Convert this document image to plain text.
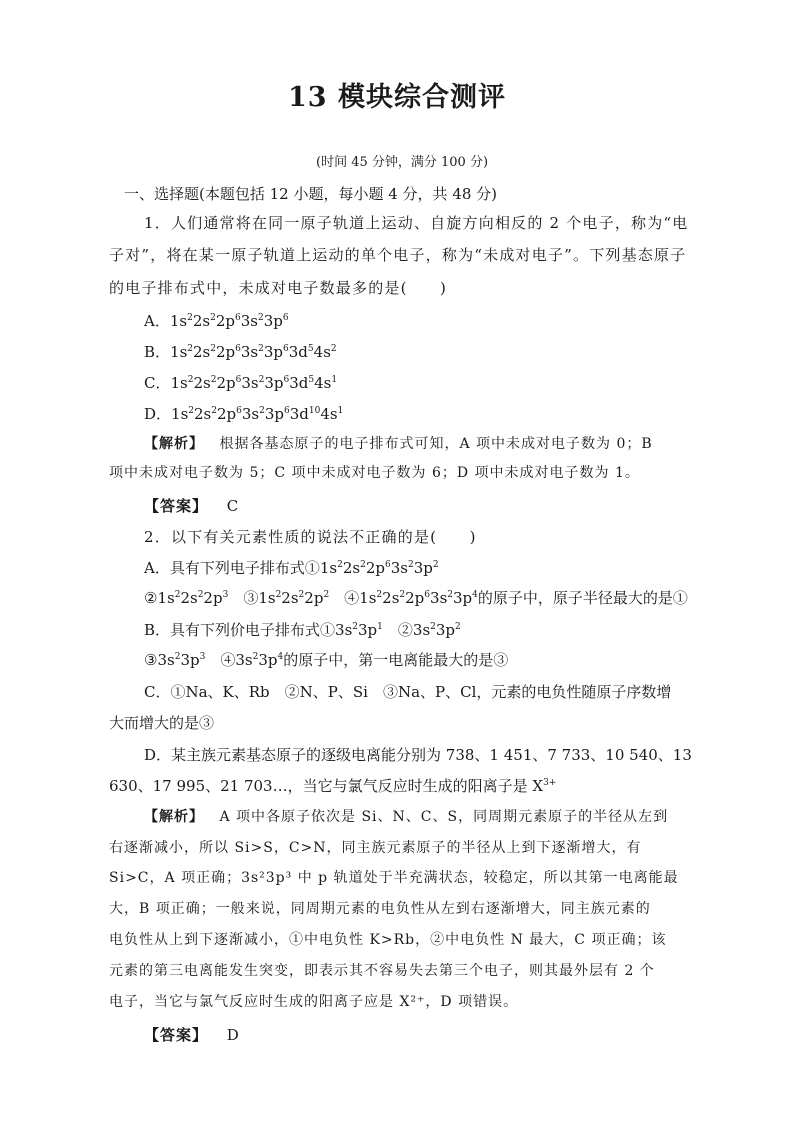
13 模块综合测评
(时间 45 分钟，满分 100 分)
一、选择题(本题包括 12 小题，每小题 4 分，共 48 分)
1．人们通常将在同一原子轨道上运动、自旋方向相反的 2 个电子，称为“电
子对”，将在某一原子轨道上运动的单个电子，称为“未成对电子”。下列基态原子
的电子排布式中，未成对电子数最多的是(　　)
A．$1s^22s^22p^63s^23p^6$
B．$1s^22s^22p^63s^23p^63d^54s^2$
C．$1s^22s^22p^63s^23p^63d^54s^1$
D．$1s^22s^22p^63s^23p^63d^{10}4s^1$
【解析】 根据各基态原子的电子排布式可知，A 项中未成对电子数为 0；B
项中未成对电子数为 5；C 项中未成对电子数为 6；D 项中未成对电子数为 1。
【答案】 C
2．以下有关元素性质的说法不正确的是(　　)
A．具有下列电子排布式$①1s^22s^22p^63s^23p^2$
$②1s^22s^22p^3$　$③1s^22s^22p^2$　$④1s^22s^22p^63s^23p^4$的原子中，原子半径最大的是①
B．具有下列价电子排布式$①3s^23p^1$　$②3s^23p^2$
$③3s^23p^3$　$④3s^23p^4$的原子中，第一电离能最大的是③
C．①Na、K、Rb　②N、P、Si　③Na、P、Cl，元素的电负性随原子序数增
大而增大的是③
D．某主族元素基态原子的逐级电离能分别为 738、1 451、7 733、10 540、13
630、17 995、21 703…，当它与氯气反应时生成的阳离子是 $X^{3+}$
【解析】 A 项中各原子依次是 Si、N、C、S，同周期元素原子的半径从左到
右逐渐减小，所以 Si>S，C>N，同主族元素原子的半径从上到下逐渐增大，有
Si>C，A 项正确；3s²3p³ 中 p 轨道处于半充满状态，较稳定，所以其第一电离能最
大，B 项正确；一般来说，同周期元素的电负性从左到右逐渐增大，同主族元素的
电负性从上到下逐渐减小，①中电负性 K>Rb，②中电负性 N 最大，C 项正确；该
元素的第三电离能发生突变，即表示其不容易失去第三个电子，则其最外层有 2 个
电子，当它与氯气反应时生成的阳离子应是 X²⁺，D 项错误。
【答案】 D
